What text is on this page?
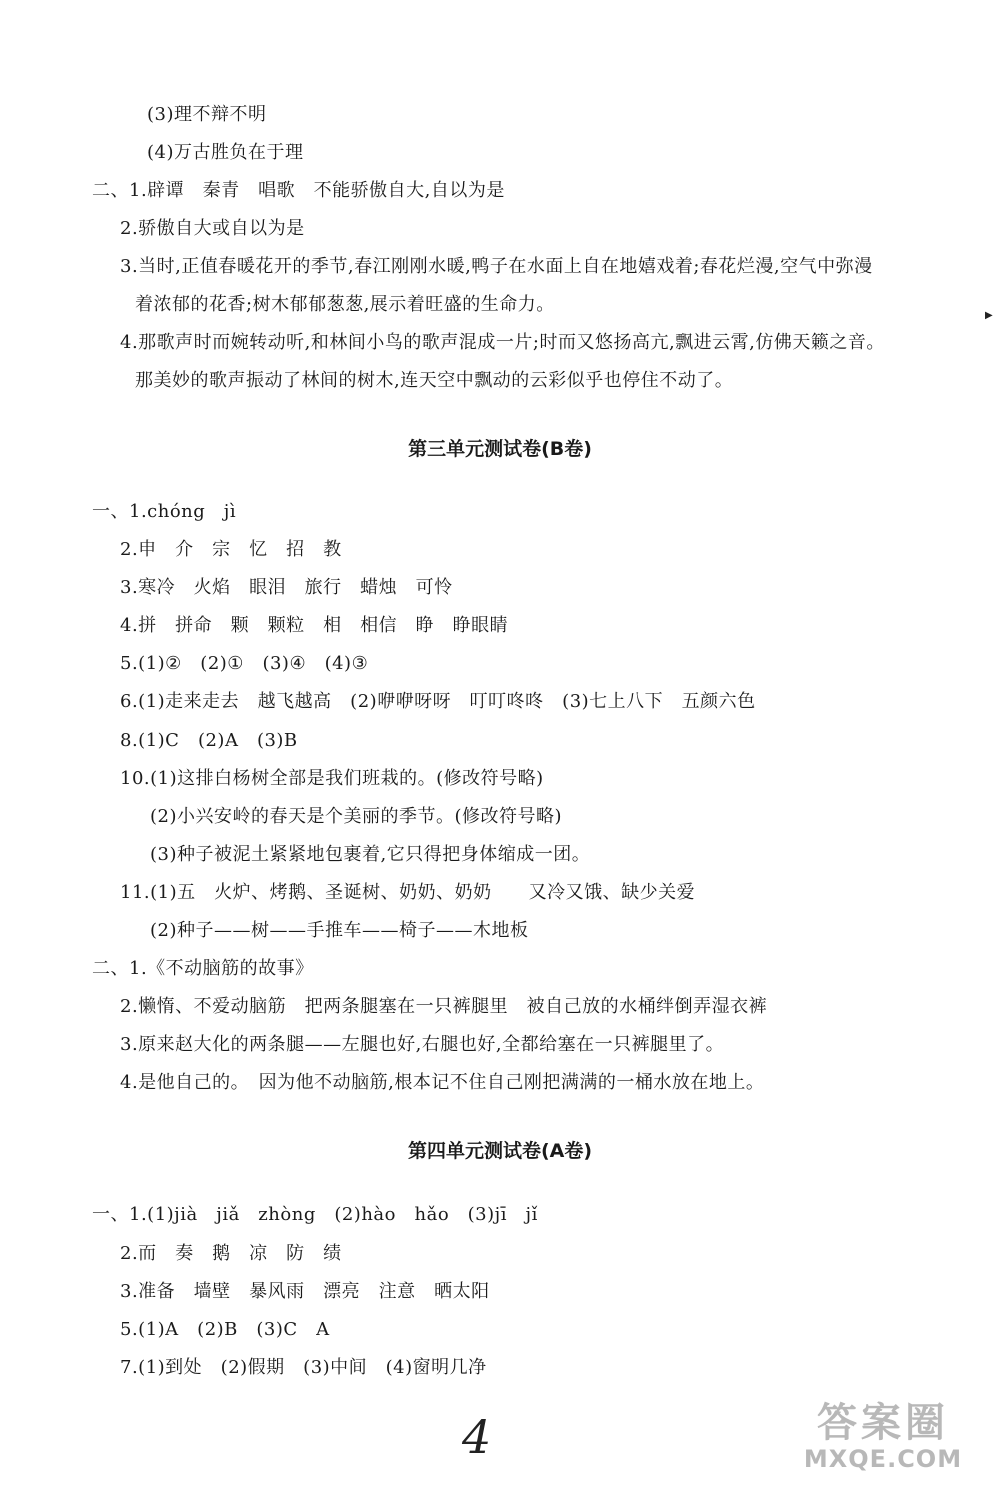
(3)理不辩不明
(4)万古胜负在于理
二、1.辟谭　秦青　唱歌　不能骄傲自大,自以为是
2.骄傲自大或自以为是
3.当时,正值春暖花开的季节,春江刚刚水暖,鸭子在水面上自在地嬉戏着;春花烂漫,空气中弥漫
着浓郁的花香;树木郁郁葱葱,展示着旺盛的生命力。
4.那歌声时而婉转动听,和林间小鸟的歌声混成一片;时而又悠扬高亢,飘进云霄,仿佛天籁之音。
那美妙的歌声振动了林间的树木,连天空中飘动的云彩似乎也停住不动了。
▶
第三单元测试卷(B卷)
一、1.chóng　jì
2.申　介　宗　忆　招　教
3.寒冷　火焰　眼泪　旅行　蜡烛　可怜
4.拼　拼命　颗　颗粒　相　相信　睁　睁眼睛
5.(1)②　(2)①　(3)④　(4)③
6.(1)走来走去　越飞越高　(2)咿咿呀呀　叮叮咚咚　(3)七上八下　五颜六色
8.(1)C　(2)A　(3)B
10.(1)这排白杨树全部是我们班栽的。(修改符号略)
(2)小兴安岭的春天是个美丽的季节。(修改符号略)
(3)种子被泥土紧紧地包裹着,它只得把身体缩成一团。
11.(1)五　火炉、烤鹅、圣诞树、奶奶、奶奶　　又冷又饿、缺少关爱
(2)种子——树——手推车——椅子——木地板
二、1.《不动脑筋的故事》
2.懒惰、不爱动脑筋　把两条腿塞在一只裤腿里　被自己放的水桶绊倒弄湿衣裤
3.原来赵大化的两条腿——左腿也好,右腿也好,全都给塞在一只裤腿里了。
4.是他自己的。　因为他不动脑筋,根本记不住自己刚把满满的一桶水放在地上。
第四单元测试卷(A卷)
一、1.(1)jià　jiǎ　zhòng　(2)hào　hǎo　(3)jī　jǐ
2.而　奏　鹅　凉　防　绩
3.准备　墙壁　暴风雨　漂亮　注意　晒太阳
5.(1)A　(2)B　(3)C　A
7.(1)到处　(2)假期　(3)中间　(4)窗明几净
4	答案圈
MXQE.COM
